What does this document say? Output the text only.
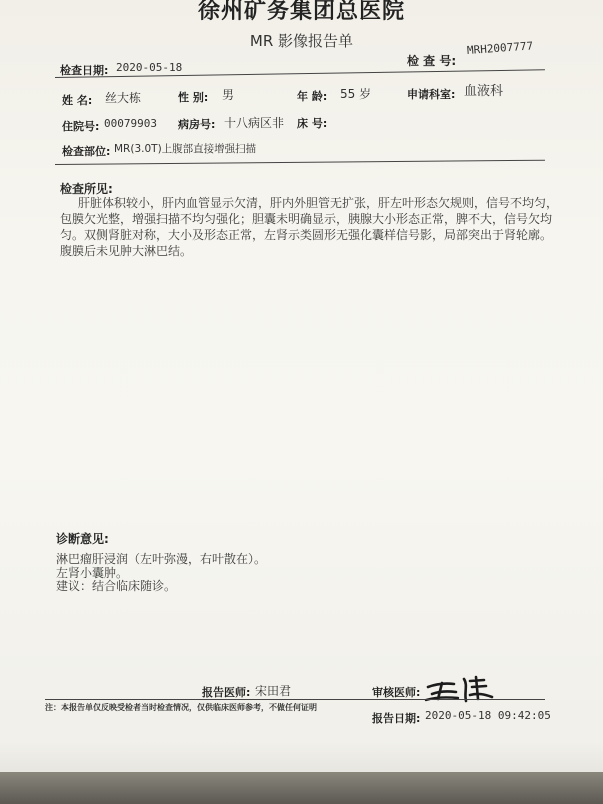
徐州矿务集团总医院
MR 影像报告单
检 查 号:
MRH2007777
检查日期: 2020-05-18
姓 名: 丝大栋	性 别: 男	年 龄: 55 岁	申请科室: 血液科
住院号: 00079903 病房号: 十八病区非 床 号:
检查部位: MR(3.0T)上腹部直接增强扫描
检查所见:

肝脏体积较小，肝内血管显示欠清，肝内外胆管无扩张，肝左叶形态欠规则，信号不均匀，包膜欠光整，增强扫描不均匀强化；胆囊未明确显示，胰腺大小形态正常，脾不大，信号欠均匀。双侧肾脏对称，大小及形态正常，左肾示类圆形无强化囊样信号影，局部突出于肾轮廓。腹膜后未见肿大淋巴结。

诊断意见:
淋巴瘤肝浸润（左叶弥漫，右叶散在）。
左肾小囊肿。
建议：结合临床随诊。
报告医师: 宋田君	审核医师:
注：本报告单仅反映受检者当时检查情况，仅供临床医师参考，不做任何证明
报告日期: 2020-05-18 09:42:05
